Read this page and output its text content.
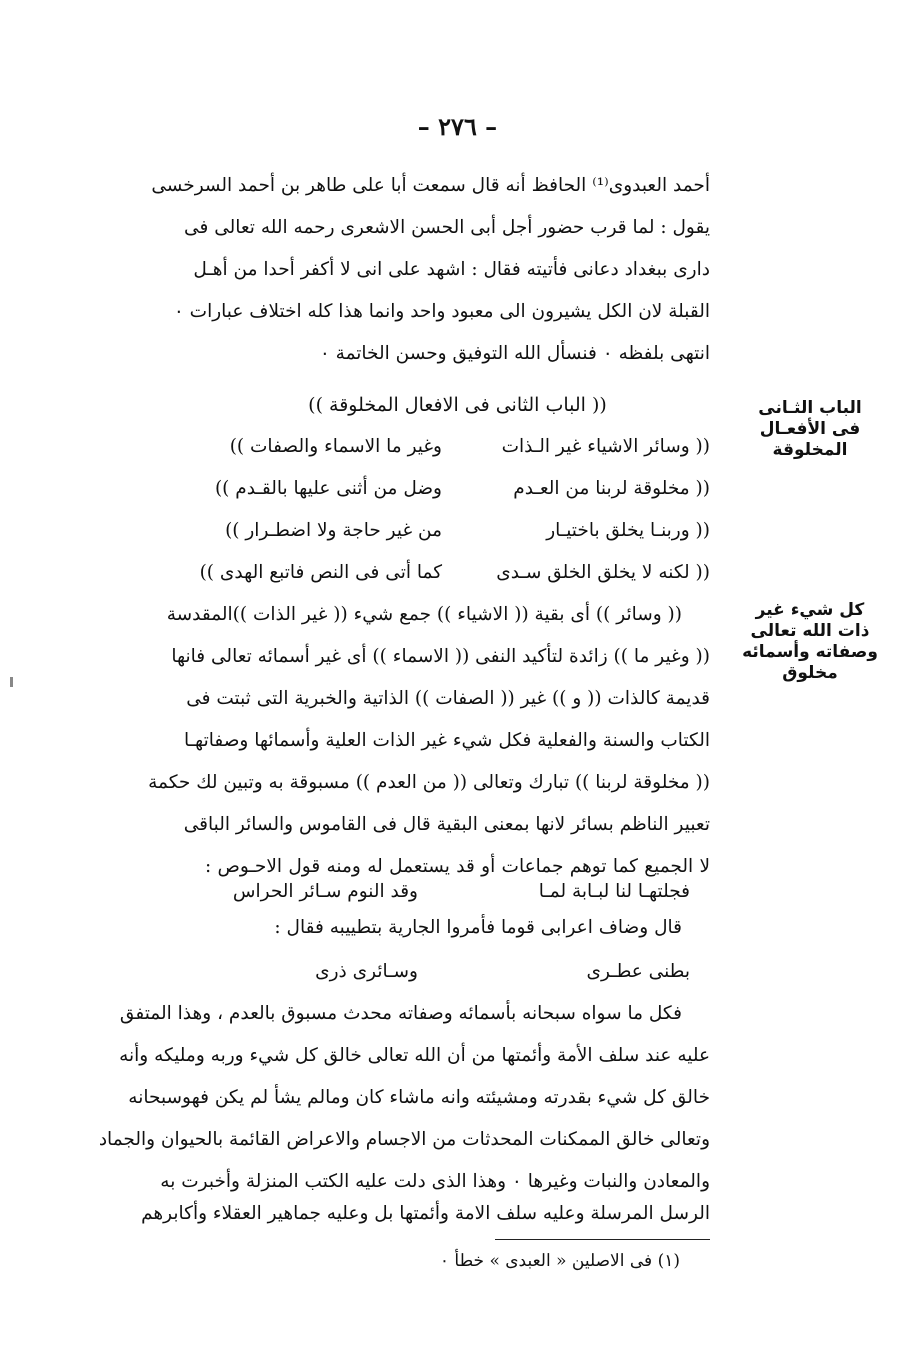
– ٢٧٦ –
أحمد العبدوى⁽¹⁾ الحافظ أنه قال سمعت أبا على طاهر بن أحمد السرخسى
يقول : لما قرب حضور أجل أبى الحسن الاشعرى رحمه الله تعالى فى
دارى ببغداد دعانى فأتيته فقال : اشهد على انى لا أكفر أحدا من أهـل
القبلة لان الكل يشيرون الى معبود واحد وانما هذا كله اختلاف عبارات ٠
انتهى بلفظه ٠ فنسأل الله التوفيق وحسن الخاتمة ٠
(( الباب الثانى فى الافعال المخلوقة ))	الباب الثـانى
فى الأفعـال
المخلوقة
(( وسائر الاشياء غير الـذات
وغير ما الاسماء والصفات ))
(( مخلوقة لربنا من العـدم
وضل من أثنى عليها بالقـدم ))
(( وربنـا يخلق باختيـار
من غير حاجة ولا اضطـرار ))
(( لكنه لا يخلق الخلق سـدى
كما أتى فى النص فاتبع الهدى ))
كل شيء غير
ذات الله تعالى
وصفاته وأسمائه
مخلوق
(( وسائر )) أى بقية (( الاشياء )) جمع شيء (( غير الذات ))المقدسة
(( وغير ما )) زائدة لتأكيد النفى (( الاسماء )) أى غير أسمائه تعالى فانها
قديمة كالذات (( و )) غير (( الصفات )) الذاتية والخبرية التى ثبتت فى
الكتاب والسنة والفعلية فكل شيء غير الذات العلية وأسمائها وصفاتهـا
(( مخلوقة لربنا )) تبارك وتعالى (( من العدم )) مسبوقة به وتبين لك حكمة
تعبير الناظم بسائر لانها بمعنى البقية قال فى القاموس والسائر الباقى
لا الجميع كما توهم جماعات أو قد يستعمل له ومنه قول الاحـوص :
فجلتهـا لنا لبـابة لمـا
وقد النوم سـائر الحراس
قال وضاف اعرابى قوما فأمروا الجارية بتطييبه فقال :
بطنى عطـرى
وسـائرى ذرى
فكل ما سواه سبحانه بأسمائه وصفاته محدث مسبوق بالعدم ، وهذا المتفق
عليه عند سلف الأمة وأئمتها من أن الله تعالى خالق كل شيء وربه ومليكه وأنه
خالق كل شيء بقدرته ومشيئته وانه ماشاء كان ومالم يشأ لم يكن فهوسبحانه
وتعالى خالق الممكنات المحدثات من الاجسام والاعراض القائمة بالحيوان والجماد
والمعادن والنبات وغيرها ٠ وهذا الذى دلت عليه الكتب المنزلة وأخبرت به
الرسل المرسلة وعليه سلف الامة وأئمتها بل وعليه جماهير العقلاء وأكابرهم
(١) فى الاصلين « العبدى » خطأ ٠
